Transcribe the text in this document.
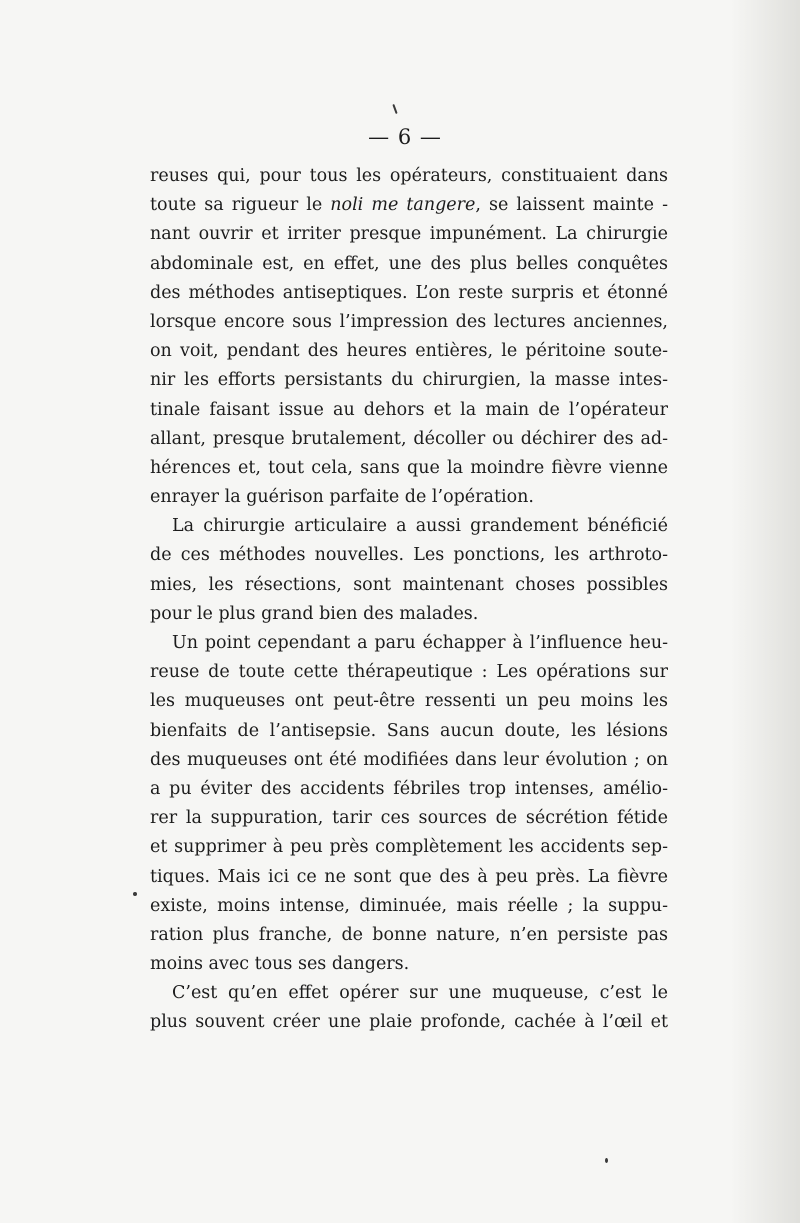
— 6 —
reuses qui, pour tous les opérateurs, constituaient dans
toute sa rigueur le noli me tangere, se laissent mainte -
nant ouvrir et irriter presque impunément. La chirurgie
abdominale est, en effet, une des plus belles conquêtes
des méthodes antiseptiques. L’on reste surpris et étonné
lorsque encore sous l’impression des lectures anciennes,
on voit, pendant des heures entières, le péritoine soute-
nir les efforts persistants du chirurgien, la masse intes-
tinale faisant issue au dehors et la main de l’opérateur
allant, presque brutalement, décoller ou déchirer des ad-
hérences et, tout cela, sans que la moindre fièvre vienne
enrayer la guérison parfaite de l’opération.
La chirurgie articulaire a aussi grandement bénéficié
de ces méthodes nouvelles. Les ponctions, les arthroto-
mies, les résections, sont maintenant choses possibles
pour le plus grand bien des malades.
Un point cependant a paru échapper à l’influence heu-
reuse de toute cette thérapeutique : Les opérations sur
les muqueuses ont peut-être ressenti un peu moins les
bienfaits de l’antisepsie. Sans aucun doute, les lésions
des muqueuses ont été modifiées dans leur évolution ; on
a pu éviter des accidents fébriles trop intenses, amélio-
rer la suppuration, tarir ces sources de sécrétion fétide
et supprimer à peu près complètement les accidents sep-
tiques. Mais ici ce ne sont que des à peu près. La fièvre
existe, moins intense, diminuée, mais réelle ; la suppu-
ration plus franche, de bonne nature, n’en persiste pas
moins avec tous ses dangers.
C’est qu’en effet opérer sur une muqueuse, c’est le
plus souvent créer une plaie profonde, cachée à l’œil et
